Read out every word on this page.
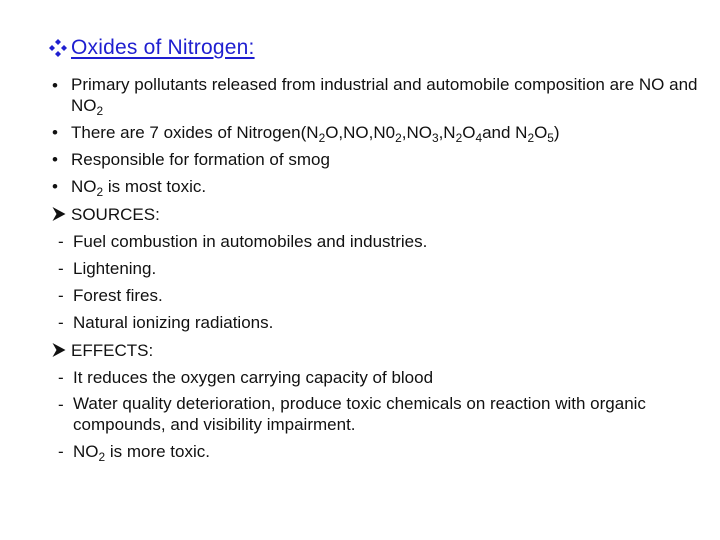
Oxides of Nitrogen:
• Primary pollutants released from industrial and automobile composition are NO and $NO_2$
• There are 7 oxides of $Nitrogen(N_2O,NO,N0_2,NO_3,N_2O_4and$ $N_2O_5$)
• Responsible for formation of smog
• $NO_2$ is most toxic.
SOURCES:
- Fuel combustion in automobiles and industries.
- Lightening.
- Forest fires.
- Natural ionizing radiations.
EFFECTS:
- It reduces the oxygen carrying capacity of blood
- Water quality deterioration, produce toxic chemicals on reaction with organic compounds, and visibility impairment.
- $NO_2$ is more toxic.
